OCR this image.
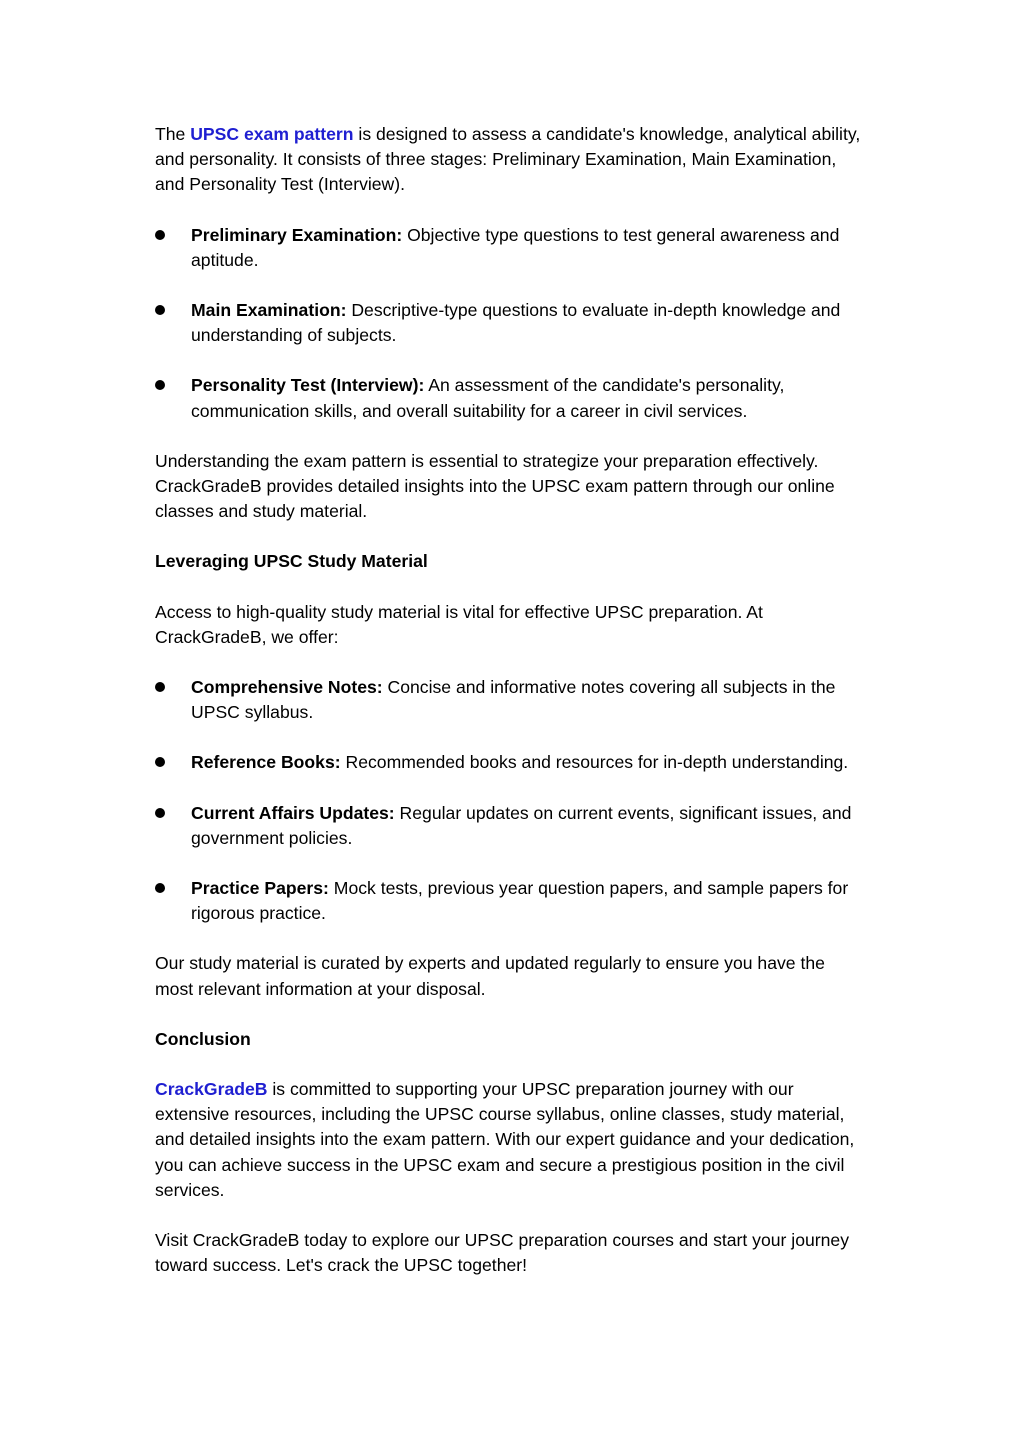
The UPSC exam pattern is designed to assess a candidate's knowledge, analytical ability, and personality. It consists of three stages: Preliminary Examination, Main Examination, and Personality Test (Interview).

Preliminary Examination: Objective type questions to test general awareness and aptitude.
Main Examination: Descriptive-type questions to evaluate in-depth knowledge and understanding of subjects.
Personality Test (Interview): An assessment of the candidate's personality, communication skills, and overall suitability for a career in civil services.

Understanding the exam pattern is essential to strategize your preparation effectively. CrackGradeB provides detailed insights into the UPSC exam pattern through our online classes and study material.

Leveraging UPSC Study Material

Access to high-quality study material is vital for effective UPSC preparation. At CrackGradeB, we offer:

Comprehensive Notes: Concise and informative notes covering all subjects in the UPSC syllabus.
Reference Books: Recommended books and resources for in-depth understanding.
Current Affairs Updates: Regular updates on current events, significant issues, and government policies.
Practice Papers: Mock tests, previous year question papers, and sample papers for rigorous practice.

Our study material is curated by experts and updated regularly to ensure you have the most relevant information at your disposal.

Conclusion

CrackGradeB is committed to supporting your UPSC preparation journey with our extensive resources, including the UPSC course syllabus, online classes, study material, and detailed insights into the exam pattern. With our expert guidance and your dedication, you can achieve success in the UPSC exam and secure a prestigious position in the civil services.

Visit CrackGradeB today to explore our UPSC preparation courses and start your journey toward success. Let's crack the UPSC together!
